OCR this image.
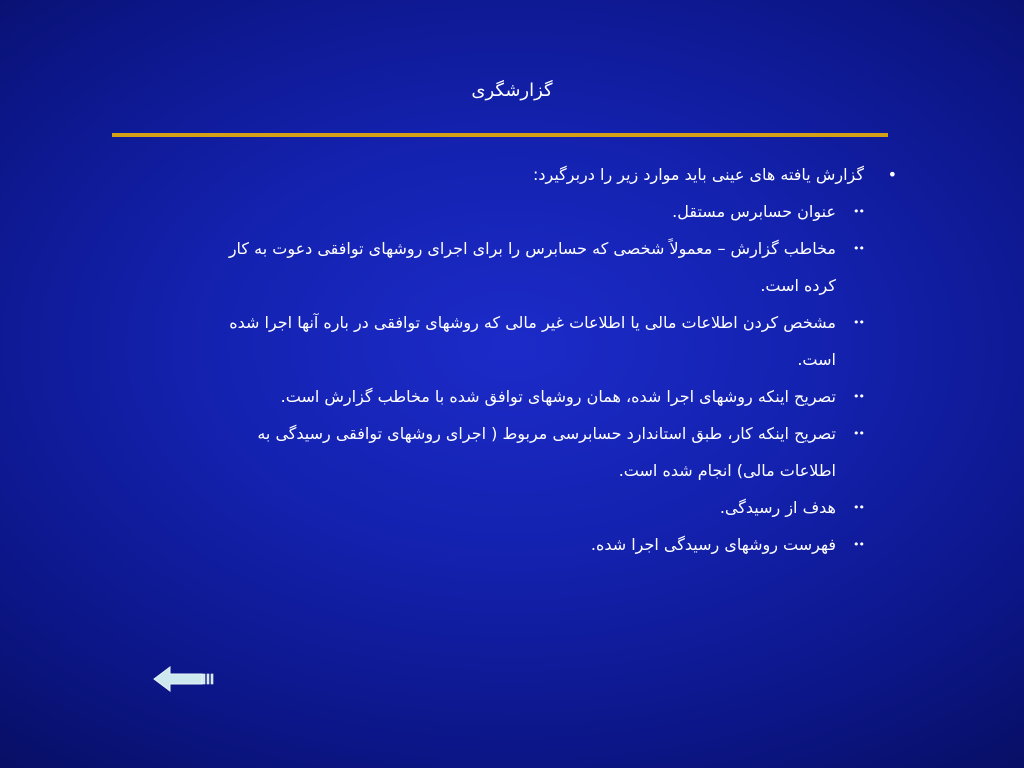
گزارشگری
•
گزارش یافته های عینی باید موارد زیر را دربرگیرد:
••
عنوان حسابرس مستقل.
••
مخاطب گزارش – معمولاً شخصی که حسابرس را برای اجرای روشهای توافقی دعوت به کار کرده است.
••
مشخص کردن اطلاعات مالی یا اطلاعات غیر مالی که روشهای توافقی در باره آنها اجرا شده است.
••
تصریح اینکه روشهای اجرا شده، همان روشهای توافق شده با مخاطب گزارش است.
••
تصریح اینکه کار، طبق استاندارد حسابرسی مربوط ( اجرای روشهای توافقی رسیدگی به اطلاعات مالی) انجام شده است.
••
هدف از رسیدگی.
••
فهرست روشهای رسیدگی اجرا شده.
